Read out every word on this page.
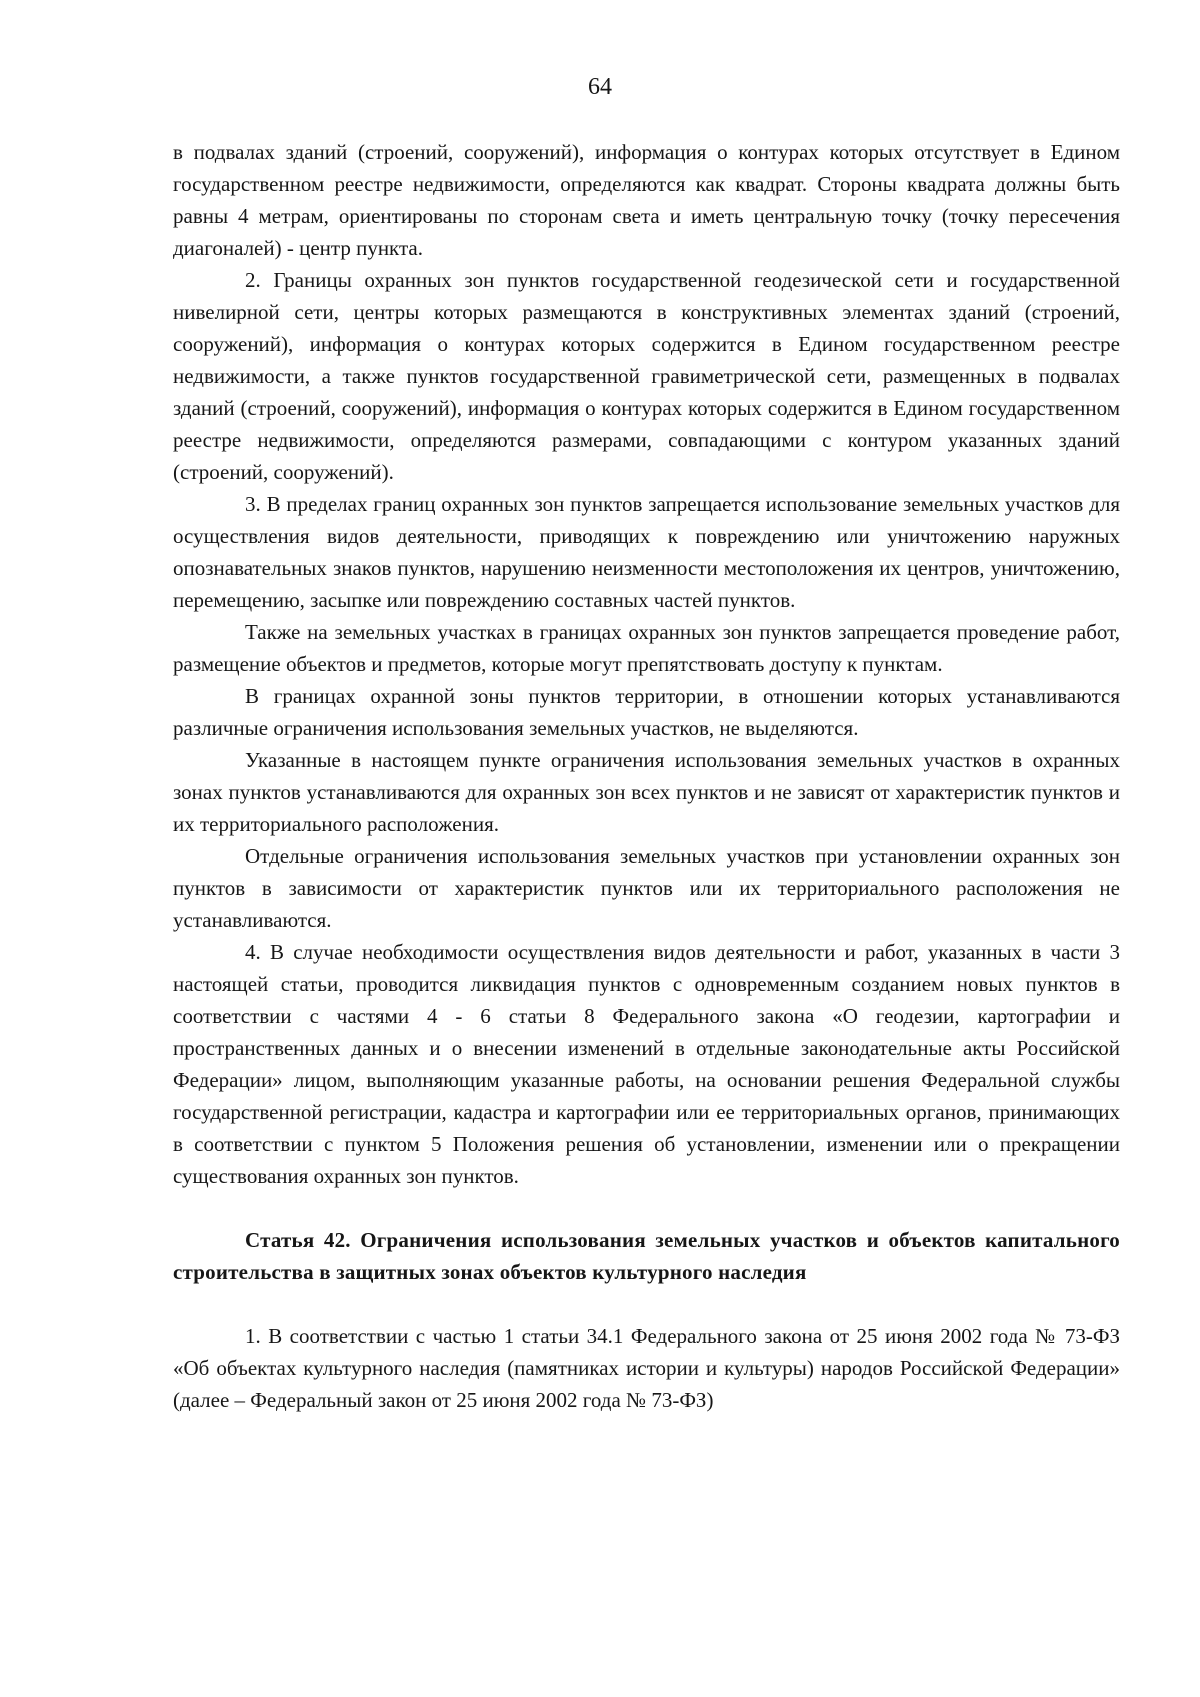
64

в подвалах зданий (строений, сооружений), информация о контурах которых отсутствует в Едином государственном реестре недвижимости, определяются как квадрат. Стороны квадрата должны быть равны 4 метрам, ориентированы по сторонам света и иметь центральную точку (точку пересечения диагоналей) - центр пункта.

2. Границы охранных зон пунктов государственной геодезической сети и государственной нивелирной сети, центры которых размещаются в конструктивных элементах зданий (строений, сооружений), информация о контурах которых содержится в Едином государственном реестре недвижимости, а также пунктов государственной гравиметрической сети, размещенных в подвалах зданий (строений, сооружений), информация о контурах которых содержится в Едином государственном реестре недвижимости, определяются размерами, совпадающими с контуром указанных зданий (строений, сооружений).

3. В пределах границ охранных зон пунктов запрещается использование земельных участков для осуществления видов деятельности, приводящих к повреждению или уничтожению наружных опознавательных знаков пунктов, нарушению неизменности местоположения их центров, уничтожению, перемещению, засыпке или повреждению составных частей пунктов.

Также на земельных участках в границах охранных зон пунктов запрещается проведение работ, размещение объектов и предметов, которые могут препятствовать доступу к пунктам.

В границах охранной зоны пунктов территории, в отношении которых устанавливаются различные ограничения использования земельных участков, не выделяются.

Указанные в настоящем пункте ограничения использования земельных участков в охранных зонах пунктов устанавливаются для охранных зон всех пунктов и не зависят от характеристик пунктов и их территориального расположения.

Отдельные ограничения использования земельных участков при установлении охранных зон пунктов в зависимости от характеристик пунктов или их территориального расположения не устанавливаются.

4. В случае необходимости осуществления видов деятельности и работ, указанных в части 3 настоящей статьи, проводится ликвидация пунктов с одновременным созданием новых пунктов в соответствии с частями 4 - 6 статьи 8 Федерального закона «О геодезии, картографии и пространственных данных и о внесении изменений в отдельные законодательные акты Российской Федерации» лицом, выполняющим указанные работы, на основании решения Федеральной службы государственной регистрации, кадастра и картографии или ее территориальных органов, принимающих в соответствии с пунктом 5 Положения решения об установлении, изменении или о прекращении существования охранных зон пунктов.

Статья 42. Ограничения использования земельных участков и объектов капитального строительства в защитных зонах объектов культурного наследия

1. В соответствии с частью 1 статьи 34.1 Федерального закона от 25 июня 2002 года № 73-ФЗ «Об объектах культурного наследия (памятниках истории и культуры) народов Российской Федерации» (далее – Федеральный закон от 25 июня 2002 года № 73-ФЗ)
